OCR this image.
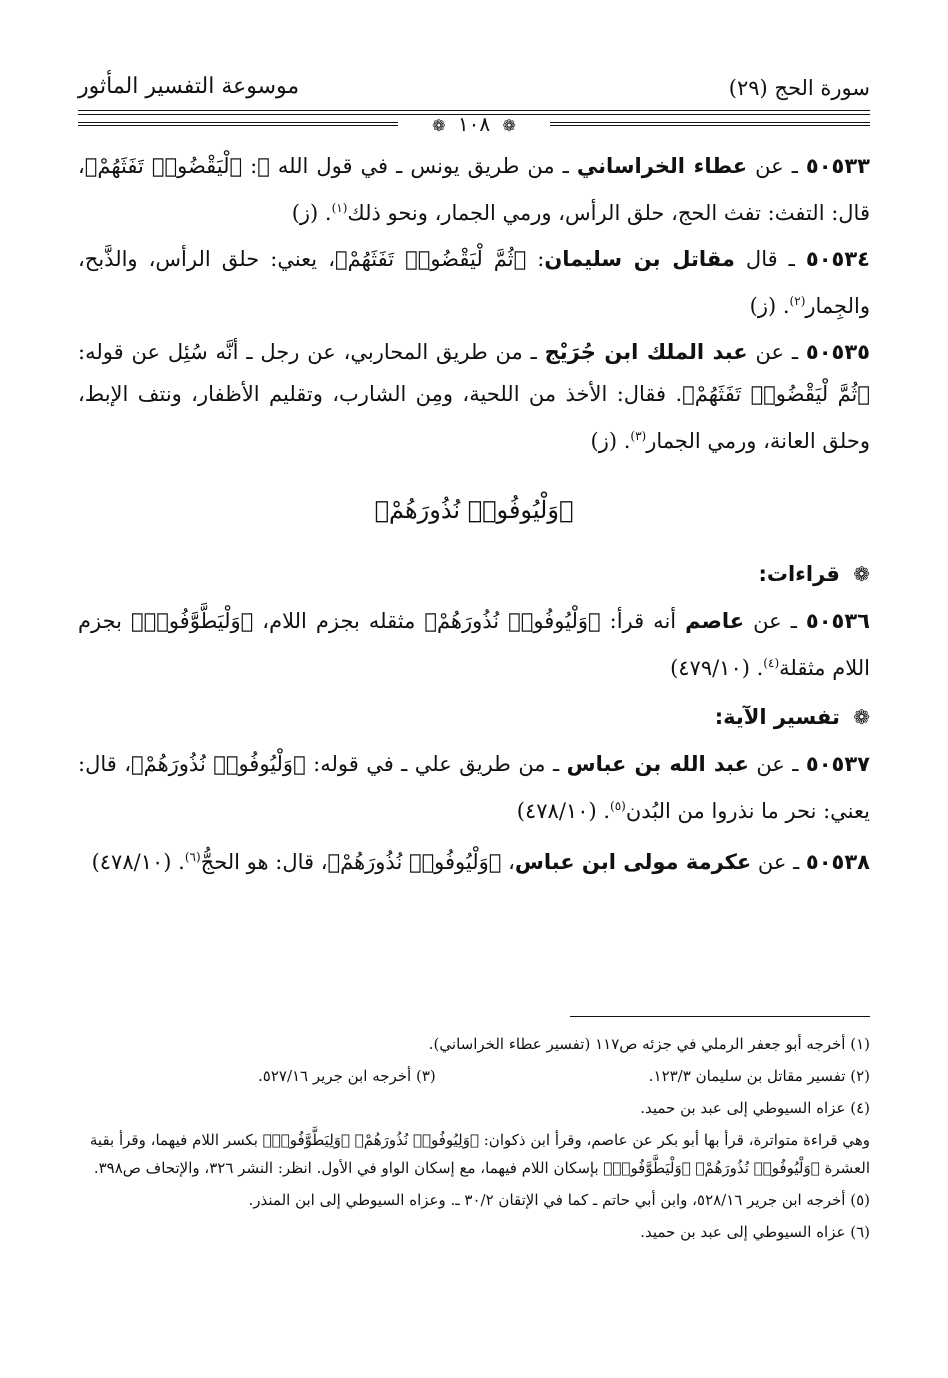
موسوعة التفسير المأثور	سورة الحج (٢٩)
❁ ١٠٨ ❁

٥٠٥٣٣ ـ عن عطاء الخراساني ـ من طريق يونس ـ في قول الله ﷻ: ﴿لْيَقْضُوا۟ تَفَثَهُمْ﴾، قال: التفث: تفث الحج، حلق الرأس، ورمي الجمار، ونحو ذلك$^{(١)}$. (ز)

٥٠٥٣٤ ـ قال مقاتل بن سليمان: ﴿ثُمَّ لْيَقْضُوا۟ تَفَثَهُمْ﴾، يعني: حلق الرأس، والذَّبح، والجِمار$^{(٢)}$. (ز)

٥٠٥٣٥ ـ عن عبد الملك ابن جُرَيْج ـ من طريق المحاربي، عن رجل ـ أنَّه سُئِل عن قوله: ﴿ثُمَّ لْيَقْضُوا۟ تَفَثَهُمْ﴾. فقال: الأخذ من اللحية، ومِن الشارب، وتقليم الأظفار، ونتف الإبط، وحلق العانة، ورمي الجمار$^{(٣)}$. (ز)

﴿وَلْيُوفُوا۟ نُذُورَهُمْ﴾
❁ قراءات:

٥٠٥٣٦ ـ عن عاصم أنه قرأ: ﴿وَلْيُوفُوا۟ نُذُورَهُمْ﴾ مثقله بجزم اللام، ﴿وَلْيَطَّوَّفُوا۟﴾ بجزم اللام مثقلة$^{(٤)}$. (٤٧٩/١٠)

❁ تفسير الآية:

٥٠٥٣٧ ـ عن عبد الله بن عباس ـ من طريق علي ـ في قوله: ﴿وَلْيُوفُوا۟ نُذُورَهُمْ﴾، قال: يعني: نحر ما نذروا من البُدن$^{(٥)}$. (٤٧٨/١٠)

٥٠٥٣٨ ـ عن عكرمة مولى ابن عباس، ﴿وَلْيُوفُوا۟ نُذُورَهُمْ﴾، قال: هو الحجُّ$^{(٦)}$. (٤٧٨/١٠)

(١) أخرجه أبو جعفر الرملي في جزئه ص١١٧ (تفسير عطاء الخراساني).
(٢) تفسير مقاتل بن سليمان ١٢٣/٣.
(٣) أخرجه ابن جرير ٥٢٧/١٦.
(٤) عزاه السيوطي إلى عبد بن حميد.
وهي قراءة متواترة، قرأ بها أبو بكر عن عاصم، وقرأ ابن ذكوان: ﴿وَلِيُوفُوا۟ نُذُورَهُمْ﴾ ﴿وَلِيَطَّوَّفُوا۟﴾ بكسر اللام فيهما، وقرأ بقية العشرة ﴿وَلْيُوفُوا۟ نُذُورَهُمْ﴾ ﴿وَلْيَطَّوَّفُوا۟﴾ بإسكان اللام فيهما، مع إسكان الواو في الأول. انظر: النشر ٣٢٦، والإتحاف ص٣٩٨.
(٥) أخرجه ابن جرير ٥٢٨/١٦، وابن أبي حاتم ـ كما في الإتقان ٣٠/٢ ـ. وعزاه السيوطي إلى ابن المنذر.
(٦) عزاه السيوطي إلى عبد بن حميد.
